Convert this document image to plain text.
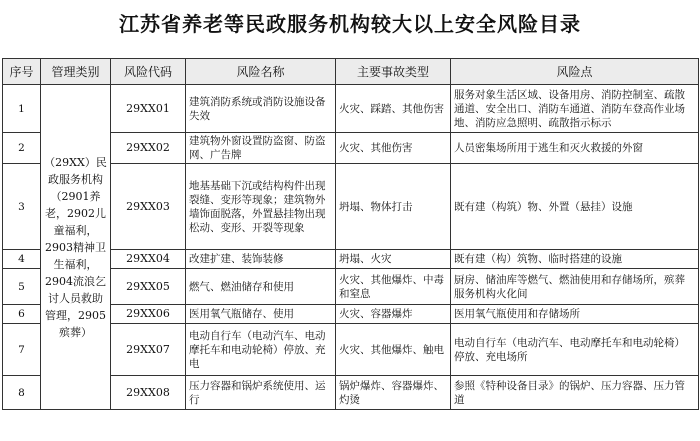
江苏省养老等民政服务机构较大以上安全风险目录
序号	管理类别	风险代码	风险名称	主要事故类型	风险点
1	（29XX）民政服务机构（2901养老，2902儿童福利，2903精神卫生福利，2904流浪乞讨人员救助管理，2905殡葬）	29XX01	建筑消防系统或消防设施设备失效	火灾、踩踏、其他伤害	服务对象生活区域、设备用房、消防控制室、疏散通道、安全出口、消防车通道、消防车登高作业场地、消防应急照明、疏散指示标示
2		29XX02	建筑物外窗设置防盗窗、防盗网、广告牌	火灾、其他伤害	人员密集场所用于逃生和灭火救援的外窗
3		29XX03	地基基础下沉或结构构件出现裂缝、变形等现象；建筑物外墙饰面脱落，外置悬挂物出现松动、变形、开裂等现象	坍塌、物体打击	既有建（构筑）物、外置（悬挂）设施
4		29XX04	改建扩建、装饰装修	坍塌、火灾	既有建（构）筑物、临时搭建的设施
5		29XX05	燃气、燃油储存和使用	火灾、其他爆炸、中毒和窒息	厨房、储油库等燃气、燃油使用和存储场所，殡葬服务机构火化间
6		29XX06	医用氧气瓶储存、使用	火灾、容器爆炸	医用氧气瓶使用和存储场所
7		29XX07	电动自行车（电动汽车、电动摩托车和电动轮椅）停放、充电	火灾、其他爆炸、触电	电动自行车（电动汽车、电动摩托车和电动轮椅）停放、充电场所
8		29XX08	压力容器和锅炉系统使用、运行	锅炉爆炸、容器爆炸、灼烫	参照《特种设备目录》的锅炉、压力容器、压力管道
